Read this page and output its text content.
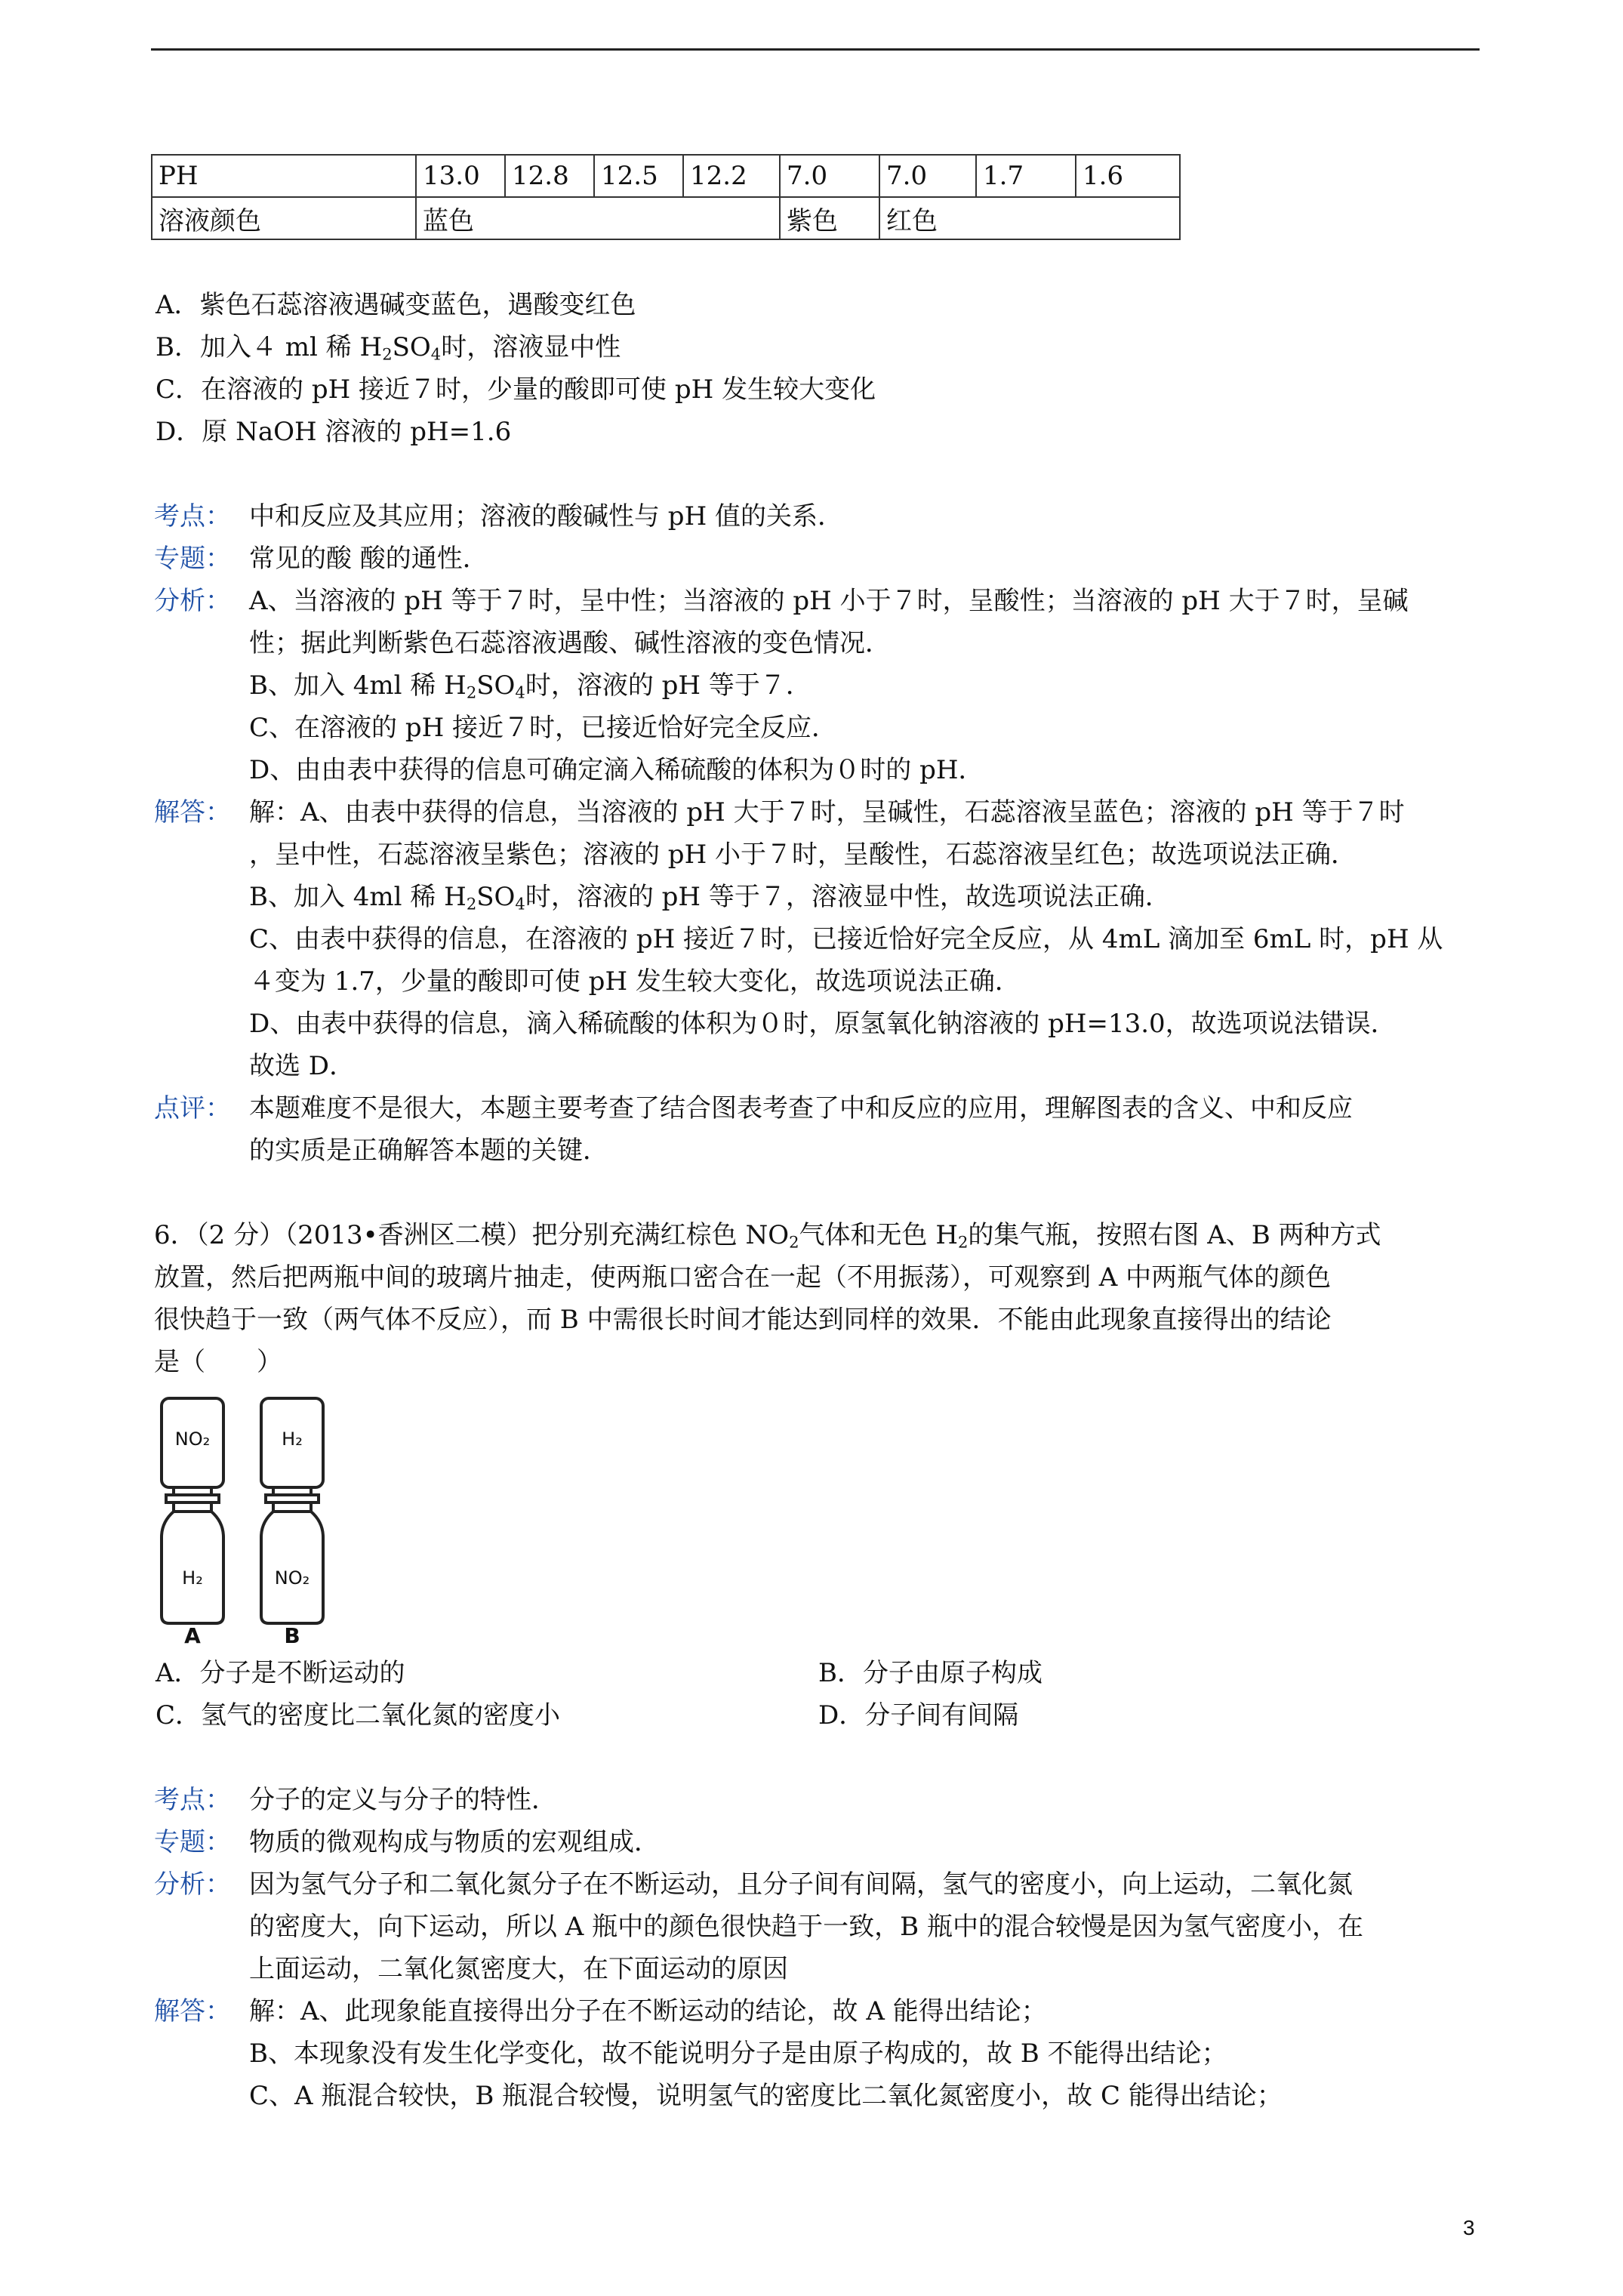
PH	13.0	12.8	12.5	12.2	7.0	7.0	1.7	1.6
溶液颜色	蓝色				紫色	红色		
A．紫色石蕊溶液遇碱变蓝色，遇酸变红色
B．加入４ ml 稀 $H_2SO_4$时，溶液显中性
C．在溶液的 pH 接近７时，少量的酸即可使 pH 发生较大变化
D．原 NaOH 溶液的 pH=1.6
考点： 中和反应及其应用；溶液的酸碱性与 pH 值的关系．
专题： 常见的酸 酸的通性．
分析： A、当溶液的 pH 等于７时，呈中性；当溶液的 pH 小于７时，呈酸性；当溶液的 pH 大于７时，呈碱
性；据此判断紫色石蕊溶液遇酸、碱性溶液的变色情况．
B、加入 4ml 稀 $H_2SO_4$时，溶液的 pH 等于７．
C、在溶液的 pH 接近７时，已接近恰好完全反应．
D、由由表中获得的信息可确定滴入稀硫酸的体积为０时的 pH．
解答： 解：A、由表中获得的信息，当溶液的 pH 大于７时，呈碱性，石蕊溶液呈蓝色；溶液的 pH 等于７时
，呈中性，石蕊溶液呈紫色；溶液的 pH 小于７时，呈酸性，石蕊溶液呈红色；故选项说法正确．
B、加入 4ml 稀 $H_2SO_4$时，溶液的 pH 等于７，溶液显中性，故选项说法正确．
C、由表中获得的信息，在溶液的 pH 接近７时，已接近恰好完全反应，从 4mL 滴加至 6mL 时，pH 从
４变为 1.7，少量的酸即可使 pH 发生较大变化，故选项说法正确．
D、由表中获得的信息，滴入稀硫酸的体积为０时，原氢氧化钠溶液的 pH=13.0，故选项说法错误．
故选 D．
点评： 本题难度不是很大，本题主要考查了结合图表考查了中和反应的应用，理解图表的含义、中和反应
的实质是正确解答本题的关键．
6．（2 分）（2013•香洲区二模）把分别充满红棕色 $NO_2$气体和无色 $H_2$的集气瓶，按照右图 A、B 两种方式
放置，然后把两瓶中间的玻璃片抽走，使两瓶口密合在一起（不用振荡），可观察到 A 中两瓶气体的颜色
很快趋于一致（两气体不反应），而 B 中需很长时间才能达到同样的效果．不能由此现象直接得出的结论
是（　　）
NO₂
H₂
H₂
NO₂
A	B
A．分子是不断运动的	B．分子由原子构成
C．氢气的密度比二氧化氮的密度小	D．分子间有间隔
考点： 分子的定义与分子的特性．
专题： 物质的微观构成与物质的宏观组成．
分析： 因为氢气分子和二氧化氮分子在不断运动，且分子间有间隔，氢气的密度小，向上运动，二氧化氮
的密度大，向下运动，所以 A 瓶中的颜色很快趋于一致，B 瓶中的混合较慢是因为氢气密度小，在
上面运动，二氧化氮密度大，在下面运动的原因
解答： 解：A、此现象能直接得出分子在不断运动的结论，故 A 能得出结论；
B、本现象没有发生化学变化，故不能说明分子是由原子构成的，故 B 不能得出结论；
C、A 瓶混合较快，B 瓶混合较慢，说明氢气的密度比二氧化氮密度小，故 C 能得出结论；
3
